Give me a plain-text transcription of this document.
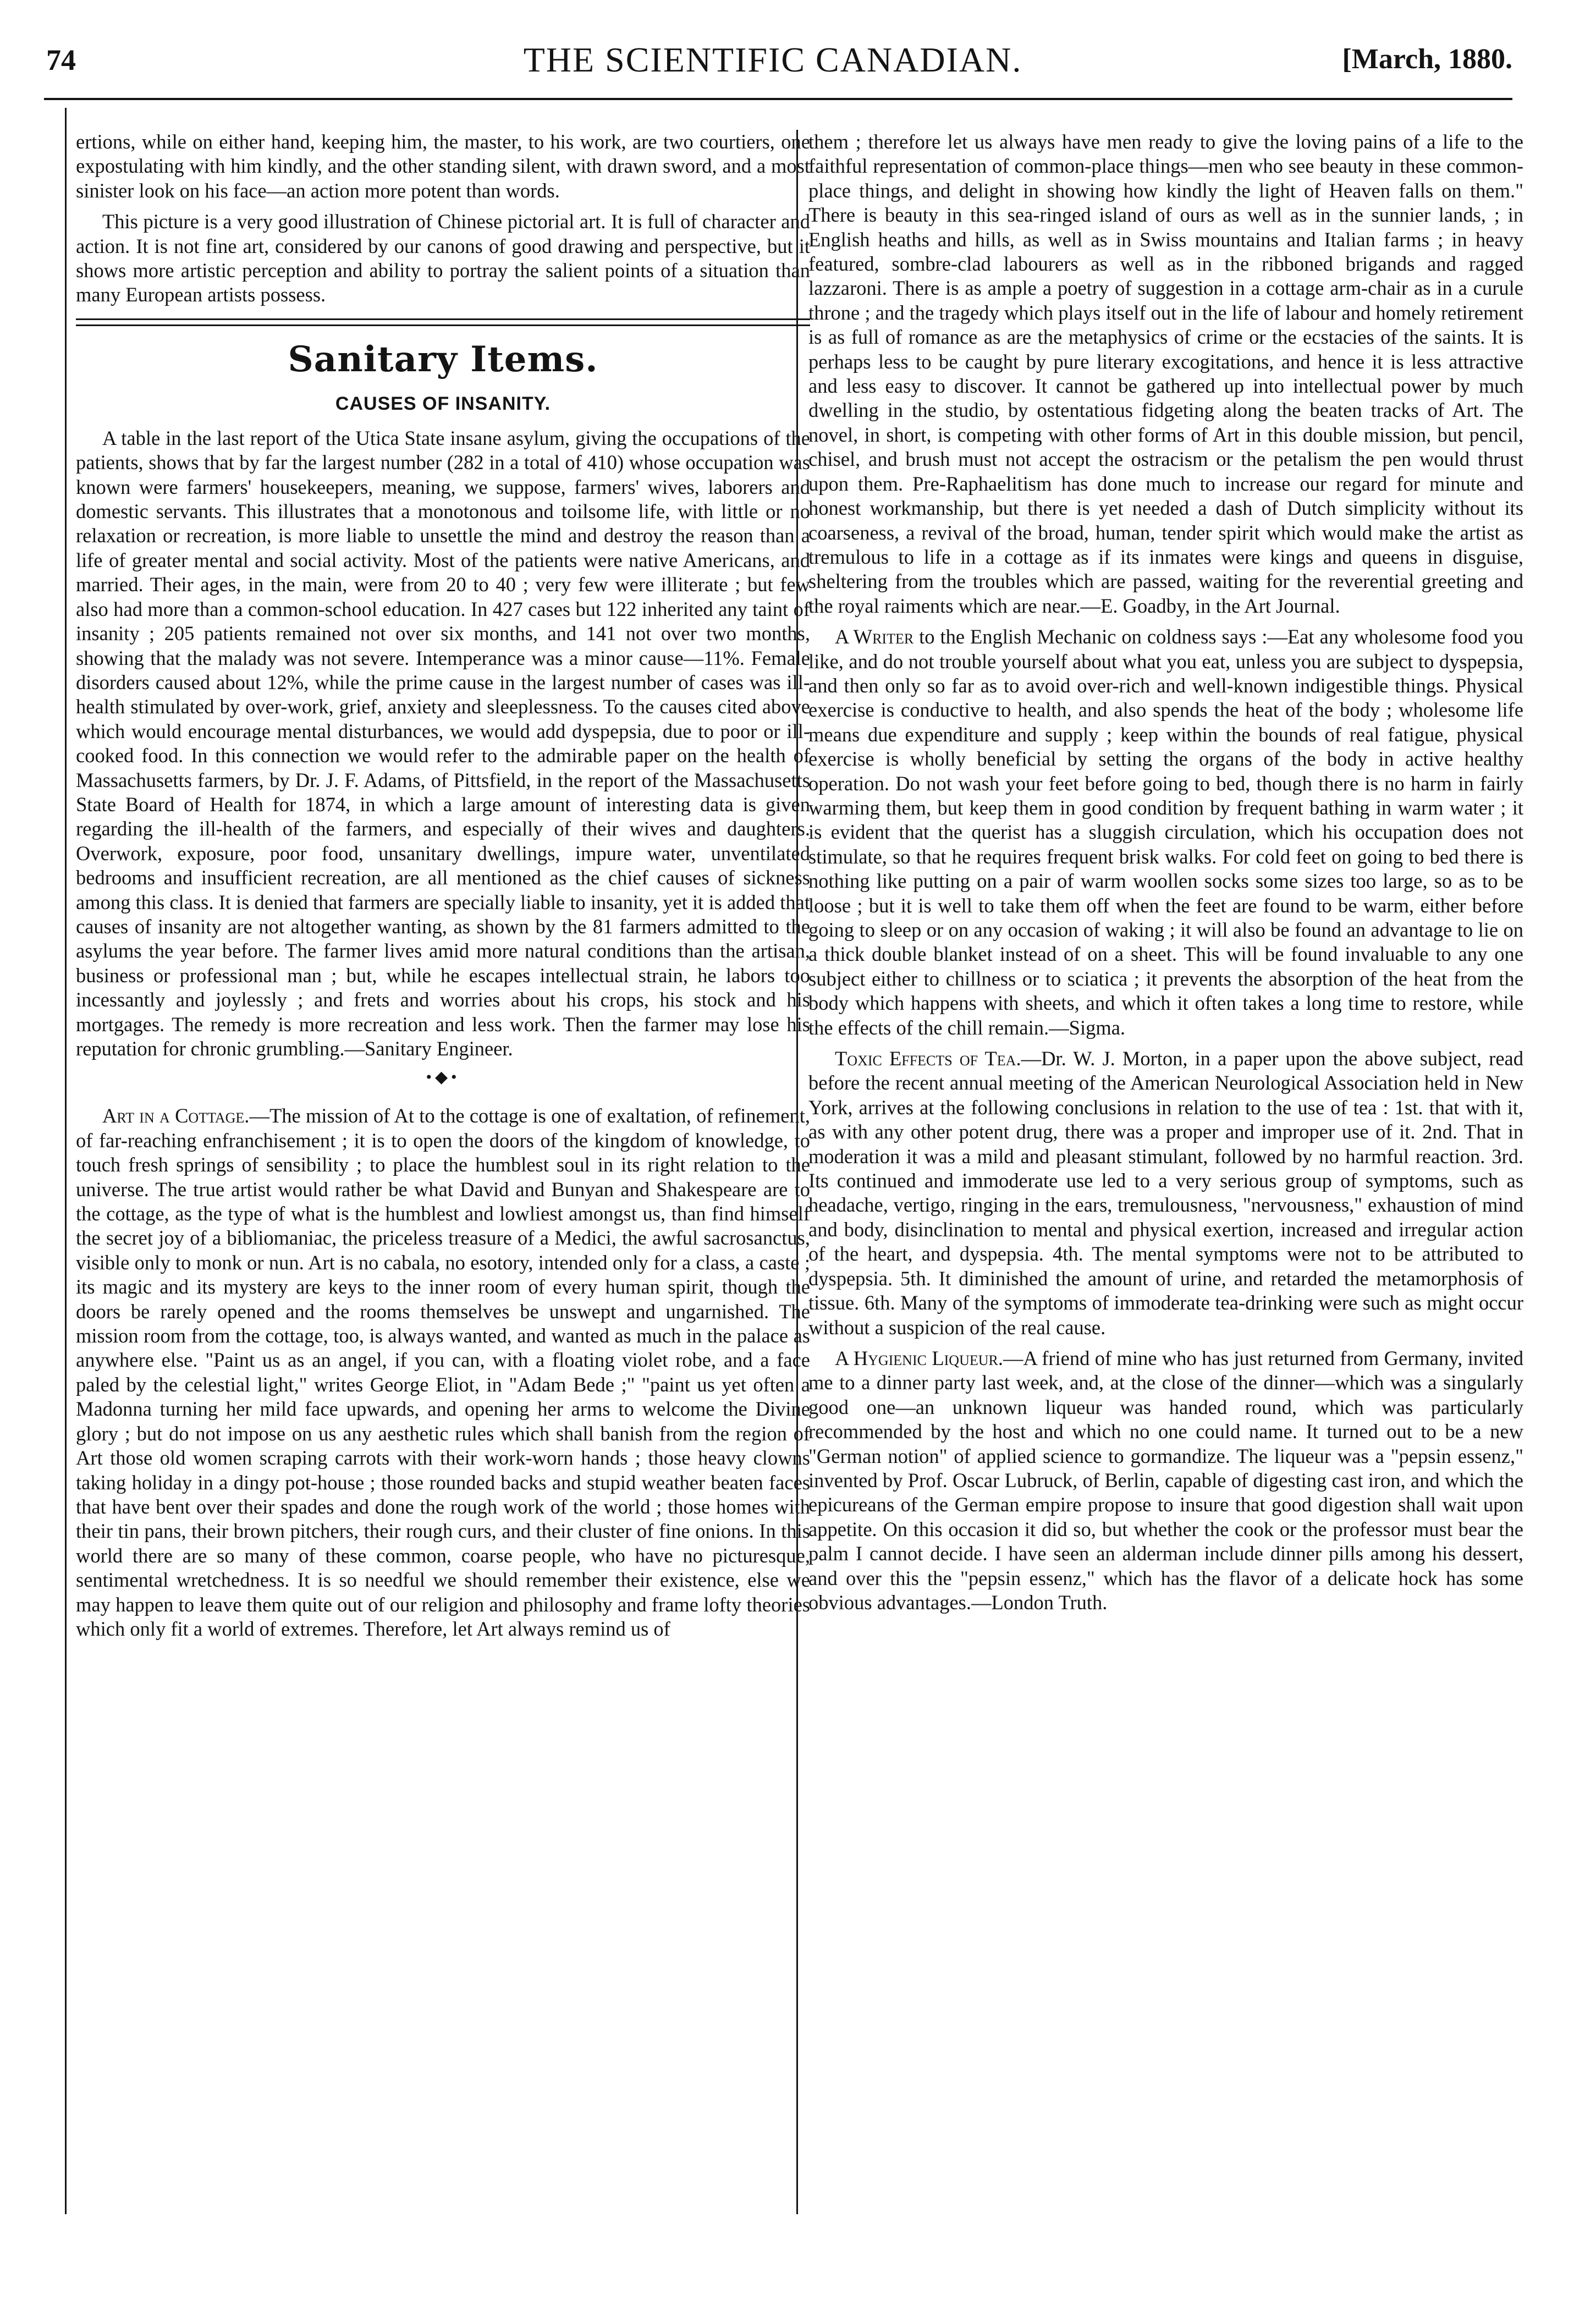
74	THE SCIENTIFIC CANADIAN.	[March, 1880.

ertions, while on either hand, keeping him, the master, to his work, are two courtiers, one expostulating with him kindly, and the other standing silent, with drawn sword, and a most sinister look on his face—an action more potent than words.

This picture is a very good illustration of Chinese pictorial art. It is full of character and action. It is not fine art, considered by our canons of good drawing and perspective, but it shows more artistic perception and ability to portray the salient points of a situation than many European artists possess.

Sanitary Items.
CAUSES OF INSANITY.

A table in the last report of the Utica State insane asylum, giving the occupations of the patients, shows that by far the largest number (282 in a total of 410) whose occupation was known were farmers' housekeepers, meaning, we suppose, farmers' wives, laborers and domestic servants. This illustrates that a monotonous and toilsome life, with little or no relaxation or recreation, is more liable to unsettle the mind and destroy the reason than a life of greater mental and social activity. Most of the patients were native Americans, and married. Their ages, in the main, were from 20 to 40 ; very few were illiterate ; but few also had more than a common-school education. In 427 cases but 122 inherited any taint of insanity ; 205 patients remained not over six months, and 141 not over two months, showing that the malady was not severe. Intemperance was a minor cause—11%. Female disorders caused about 12%, while the prime cause in the largest number of cases was ill-health stimulated by over-work, grief, anxiety and sleeplessness. To the causes cited above which would encourage mental disturbances, we would add dyspepsia, due to poor or ill-cooked food. In this connection we would refer to the admirable paper on the health of Massachusetts farmers, by Dr. J. F. Adams, of Pittsfield, in the report of the Massachusetts State Board of Health for 1874, in which a large amount of interesting data is given regarding the ill-health of the farmers, and especially of their wives and daughters. Overwork, exposure, poor food, unsanitary dwellings, impure water, unventilated bedrooms and insufficient recreation, are all mentioned as the chief causes of sickness among this class. It is denied that farmers are specially liable to insanity, yet it is added that causes of insanity are not altogether wanting, as shown by the 81 farmers admitted to the asylums the year before. The farmer lives amid more natural conditions than the artisan, business or professional man ; but, while he escapes intellectual strain, he labors too incessantly and joylessly ; and frets and worries about his crops, his stock and his mortgages. The remedy is more recreation and less work. Then the farmer may lose his reputation for chronic grumbling.—Sanitary Engineer.

•◆•

Art in a Cottage.—The mission of At to the cottage is one of exaltation, of refinement, of far-reaching enfranchisement ; it is to open the doors of the kingdom of knowledge, to touch fresh springs of sensibility ; to place the humblest soul in its right relation to the universe. The true artist would rather be what David and Bunyan and Shakespeare are to the cottage, as the type of what is the humblest and lowliest amongst us, than find himself the secret joy of a bibliomaniac, the priceless treasure of a Medici, the awful sacrosanctus, visible only to monk or nun. Art is no cabala, no esotory, intended only for a class, a caste ; its magic and its mystery are keys to the inner room of every human spirit, though the doors be rarely opened and the rooms themselves be unswept and ungarnished. The mission room from the cottage, too, is always wanted, and wanted as much in the palace as anywhere else. "Paint us as an angel, if you can, with a floating violet robe, and a face paled by the celestial light," writes George Eliot, in "Adam Bede ;" "paint us yet often a Madonna turning her mild face upwards, and opening her arms to welcome the Divine glory ; but do not impose on us any aesthetic rules which shall banish from the region of Art those old women scraping carrots with their work-worn hands ; those heavy clowns taking holiday in a dingy pot-house ; those rounded backs and stupid weather beaten faces that have bent over their spades and done the rough work of the world ; those homes with their tin pans, their brown pitchers, their rough curs, and their cluster of fine onions. In this world there are so many of these common, coarse people, who have no picturesque, sentimental wretchedness. It is so needful we should remember their existence, else we may happen to leave them quite out of our religion and philosophy and frame lofty theories which only fit a world of extremes. Therefore, let Art always remind us of

them ; therefore let us always have men ready to give the loving pains of a life to the faithful representation of common-place things—men who see beauty in these common-place things, and delight in showing how kindly the light of Heaven falls on them." There is beauty in this sea-ringed island of ours as well as in the sunnier lands, ; in English heaths and hills, as well as in Swiss mountains and Italian farms ; in heavy featured, sombre-clad labourers as well as in the ribboned brigands and ragged lazzaroni. There is as ample a poetry of suggestion in a cottage arm-chair as in a curule throne ; and the tragedy which plays itself out in the life of labour and homely retirement is as full of romance as are the metaphysics of crime or the ecstacies of the saints. It is perhaps less to be caught by pure literary excogitations, and hence it is less attractive and less easy to discover. It cannot be gathered up into intellectual power by much dwelling in the studio, by ostentatious fidgeting along the beaten tracks of Art. The novel, in short, is competing with other forms of Art in this double mission, but pencil, chisel, and brush must not accept the ostracism or the petalism the pen would thrust upon them. Pre-Raphaelitism has done much to increase our regard for minute and honest workmanship, but there is yet needed a dash of Dutch simplicity without its coarseness, a revival of the broad, human, tender spirit which would make the artist as tremulous to life in a cottage as if its inmates were kings and queens in disguise, sheltering from the troubles which are passed, waiting for the reverential greeting and the royal raiments which are near.—E. Goadby, in the Art Journal.

A Writer to the English Mechanic on coldness says :—Eat any wholesome food you like, and do not trouble yourself about what you eat, unless you are subject to dyspepsia, and then only so far as to avoid over-rich and well-known indigestible things. Physical exercise is conductive to health, and also spends the heat of the body ; wholesome life means due expenditure and supply ; keep within the bounds of real fatigue, physical exercise is wholly beneficial by setting the organs of the body in active healthy operation. Do not wash your feet before going to bed, though there is no harm in fairly warming them, but keep them in good condition by frequent bathing in warm water ; it is evident that the querist has a sluggish circulation, which his occupation does not stimulate, so that he requires frequent brisk walks. For cold feet on going to bed there is nothing like putting on a pair of warm woollen socks some sizes too large, so as to be loose ; but it is well to take them off when the feet are found to be warm, either before going to sleep or on any occasion of waking ; it will also be found an advantage to lie on a thick double blanket instead of on a sheet. This will be found invaluable to any one subject either to chillness or to sciatica ; it prevents the absorption of the heat from the body which happens with sheets, and which it often takes a long time to restore, while the effects of the chill remain.—Sigma.

Toxic Effects of Tea.—Dr. W. J. Morton, in a paper upon the above subject, read before the recent annual meeting of the American Neurological Association held in New York, arrives at the following conclusions in relation to the use of tea : 1st. that with it, as with any other potent drug, there was a proper and improper use of it. 2nd. That in moderation it was a mild and pleasant stimulant, followed by no harmful reaction. 3rd. Its continued and immoderate use led to a very serious group of symptoms, such as headache, vertigo, ringing in the ears, tremulousness, "nervousness," exhaustion of mind and body, disinclination to mental and physical exertion, increased and irregular action of the heart, and dyspepsia. 4th. The mental symptoms were not to be attributed to dyspepsia. 5th. It diminished the amount of urine, and retarded the metamorphosis of tissue. 6th. Many of the symptoms of immoderate tea-drinking were such as might occur without a suspicion of the real cause.

A Hygienic Liqueur.—A friend of mine who has just returned from Germany, invited me to a dinner party last week, and, at the close of the dinner—which was a singularly good one—an unknown liqueur was handed round, which was particularly recommended by the host and which no one could name. It turned out to be a new "German notion" of applied science to gormandize. The liqueur was a "pepsin essenz," invented by Prof. Oscar Lubruck, of Berlin, capable of digesting cast iron, and which the epicureans of the German empire propose to insure that good digestion shall wait upon appetite. On this occasion it did so, but whether the cook or the professor must bear the palm I cannot decide. I have seen an alderman include dinner pills among his dessert, and over this the "pepsin essenz," which has the flavor of a delicate hock has some obvious advantages.—London Truth.
